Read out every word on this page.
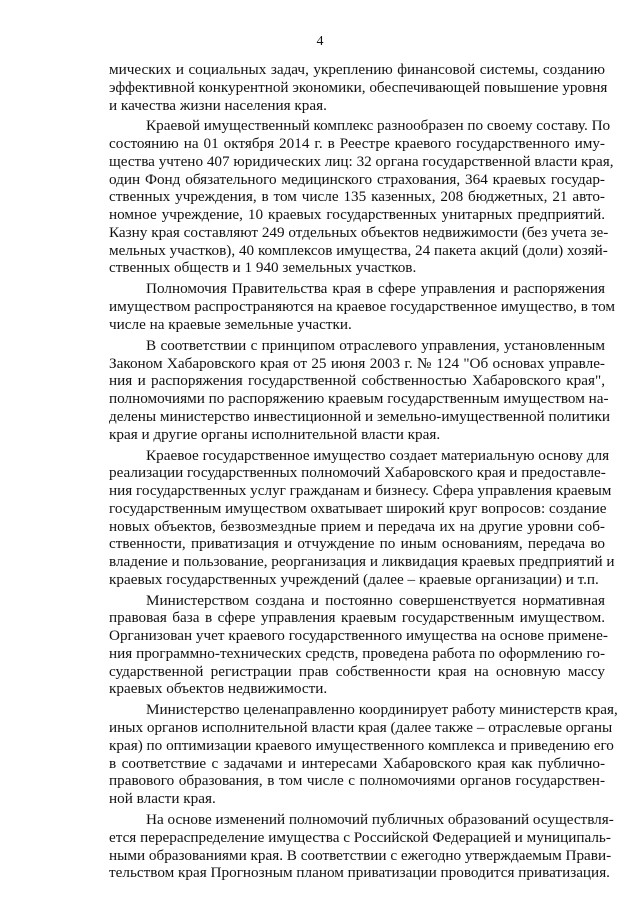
4
мических и социальных задач, укреплению финансовой системы, созданию
эффективной конкурентной экономики, обеспечивающей повышение уровня
и качества жизни населения края.
Краевой имущественный комплекс разнообразен по своему составу. По
состоянию на 01 октября 2014 г. в Реестре краевого государственного иму-
щества учтено 407 юридических лиц: 32 органа государственной власти края,
один Фонд обязательного медицинского страхования, 364 краевых государ-
ственных учреждения, в том числе 135 казенных, 208 бюджетных, 21 авто-
номное учреждение, 10 краевых государственных унитарных предприятий.
Казну края составляют 249 отдельных объектов недвижимости (без учета зе-
мельных участков), 40 комплексов имущества, 24 пакета акций (доли) хозяй-
ственных обществ и 1 940 земельных участков.
Полномочия Правительства края в сфере управления и распоряжения
имуществом распространяются на краевое государственное имущество, в том
числе на краевые земельные участки.
В соответствии с принципом отраслевого управления, установленным
Законом Хабаровского края от 25 июня 2003 г. № 124 "Об основах управле-
ния и распоряжения государственной собственностью Хабаровского края",
полномочиями по распоряжению краевым государственным имуществом на-
делены министерство инвестиционной и земельно-имущественной политики
края и другие органы исполнительной власти края.
Краевое государственное имущество создает материальную основу для
реализации государственных полномочий Хабаровского края и предоставле-
ния государственных услуг гражданам и бизнесу. Сфера управления краевым
государственным имуществом охватывает широкий круг вопросов: создание
новых объектов, безвозмездные прием и передача их на другие уровни соб-
ственности, приватизация и отчуждение по иным основаниям, передача во
владение и пользование, реорганизация и ликвидация краевых предприятий и
краевых государственных учреждений (далее – краевые организации) и т.п.
Министерством создана и постоянно совершенствуется нормативная
правовая база в сфере управления краевым государственным имуществом.
Организован учет краевого государственного имущества на основе примене-
ния программно-технических средств, проведена работа по оформлению го-
сударственной регистрации прав собственности края на основную массу
краевых объектов недвижимости.
Министерство целенаправленно координирует работу министерств края,
иных органов исполнительной власти края (далее также – отраслевые органы
края) по оптимизации краевого имущественного комплекса и приведению его
в соответствие с задачами и интересами Хабаровского края как публично-
правового образования, в том числе с полномочиями органов государствен-
ной власти края.
На основе изменений полномочий публичных образований осуществля-
ется перераспределение имущества с Российской Федерацией и муниципаль-
ными образованиями края. В соответствии с ежегодно утверждаемым Прави-
тельством края Прогнозным планом приватизации проводится приватизация.
